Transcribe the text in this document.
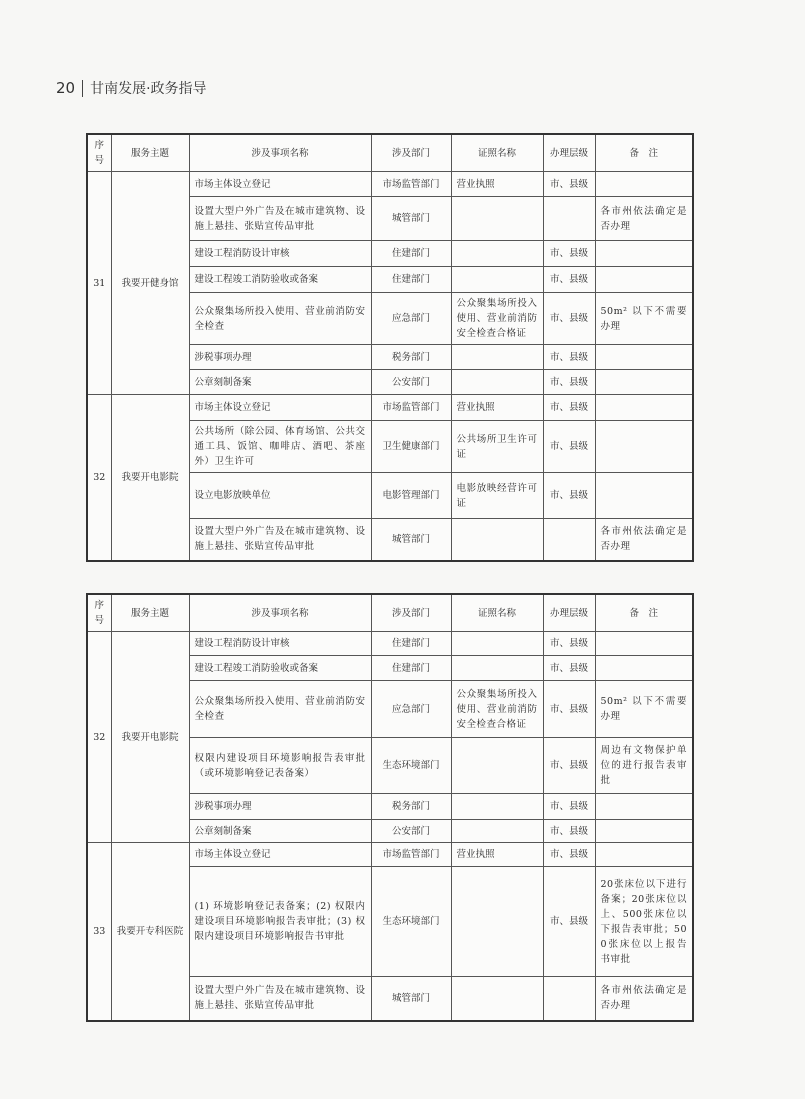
20 甘南发展·政务指导
序号	服务主题	涉及事项名称	涉及部门	证照名称	办理层级	备　注
31	我要开健身馆	市场主体设立登记	市场监管部门	营业执照	市、县级	
		设置大型户外广告及在城市建筑物、设施上悬挂、张贴宣传品审批	城管部门			各市州依法确定是否办理
		建设工程消防设计审核	住建部门		市、县级	
		建设工程竣工消防验收或备案	住建部门		市、县级	
		公众聚集场所投入使用、营业前消防安全检查	应急部门	公众聚集场所投入使用、营业前消防安全检查合格证	市、县级	50m² 以下不需要办理
		涉税事项办理	税务部门		市、县级	
		公章刻制备案	公安部门		市、县级	
32	我要开电影院	市场主体设立登记	市场监管部门	营业执照	市、县级	
		公共场所（除公园、体育场馆、公共交通工具、饭馆、咖啡店、酒吧、茶座外）卫生许可	卫生健康部门	公共场所卫生许可证	市、县级	
		设立电影放映单位	电影管理部门	电影放映经营许可证	市、县级	
		设置大型户外广告及在城市建筑物、设施上悬挂、张贴宣传品审批	城管部门			各市州依法确定是否办理
序号	服务主题	涉及事项名称	涉及部门	证照名称	办理层级	备　注
32	我要开电影院	建设工程消防设计审核	住建部门		市、县级	
		建设工程竣工消防验收或备案	住建部门		市、县级	
		公众聚集场所投入使用、营业前消防安全检查	应急部门	公众聚集场所投入使用、营业前消防安全检查合格证	市、县级	50m² 以下不需要办理
		权限内建设项目环境影响报告表审批（或环境影响登记表备案）	生态环境部门		市、县级	周边有文物保护单位的进行报告表审批
		涉税事项办理	税务部门		市、县级	
		公章刻制备案	公安部门		市、县级	
33	我要开专科医院	市场主体设立登记	市场监管部门	营业执照	市、县级	
		(1) 环境影响登记表备案；(2) 权限内建设项目环境影响报告表审批；(3) 权限内建设项目环境影响报告书审批	生态环境部门		市、县级	20张床位以下进行备案；20张床位以上、500张床位以下报告表审批；500张床位以上报告书审批
		设置大型户外广告及在城市建筑物、设施上悬挂、张贴宣传品审批	城管部门			各市州依法确定是否办理
